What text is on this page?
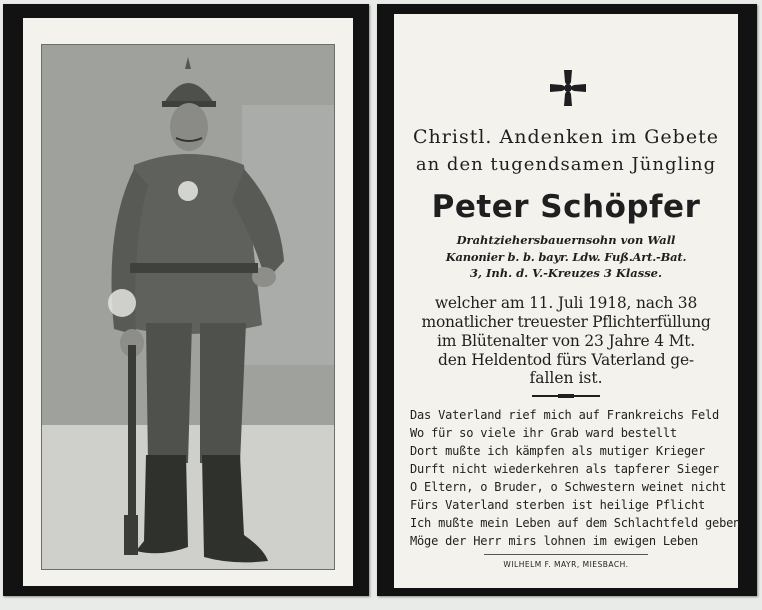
Christl. Andenken im Gebete
an den tugendsamen Jüngling
Peter Schöpfer
Drahtziehersbauernsohn von Wall
Kanonier b. b. bayr. Ldw. Fuß.Art.-Bat.
3, Inh. d. V.-Kreuzes 3 Klasse.
welcher am 11. Juli 1918, nach 38
monatlicher treuester Pflichterfüllung
im Blütenalter von 23 Jahre 4 Mt.
den Heldentod fürs Vaterland ge-
fallen ist.
Das Vaterland rief mich auf Frankreichs Feld
Wo für so viele ihr Grab ward bestellt
Dort mußte ich kämpfen als mutiger Krieger
Durft nicht wiederkehren als tapferer Sieger
O Eltern, o Bruder, o Schwestern weinet nicht
Fürs Vaterland sterben ist heilige Pflicht
Ich mußte mein Leben auf dem Schlachtfeld geben
Möge der Herr mirs lohnen im ewigen Leben
WILHELM F. MAYR, MIESBACH.
